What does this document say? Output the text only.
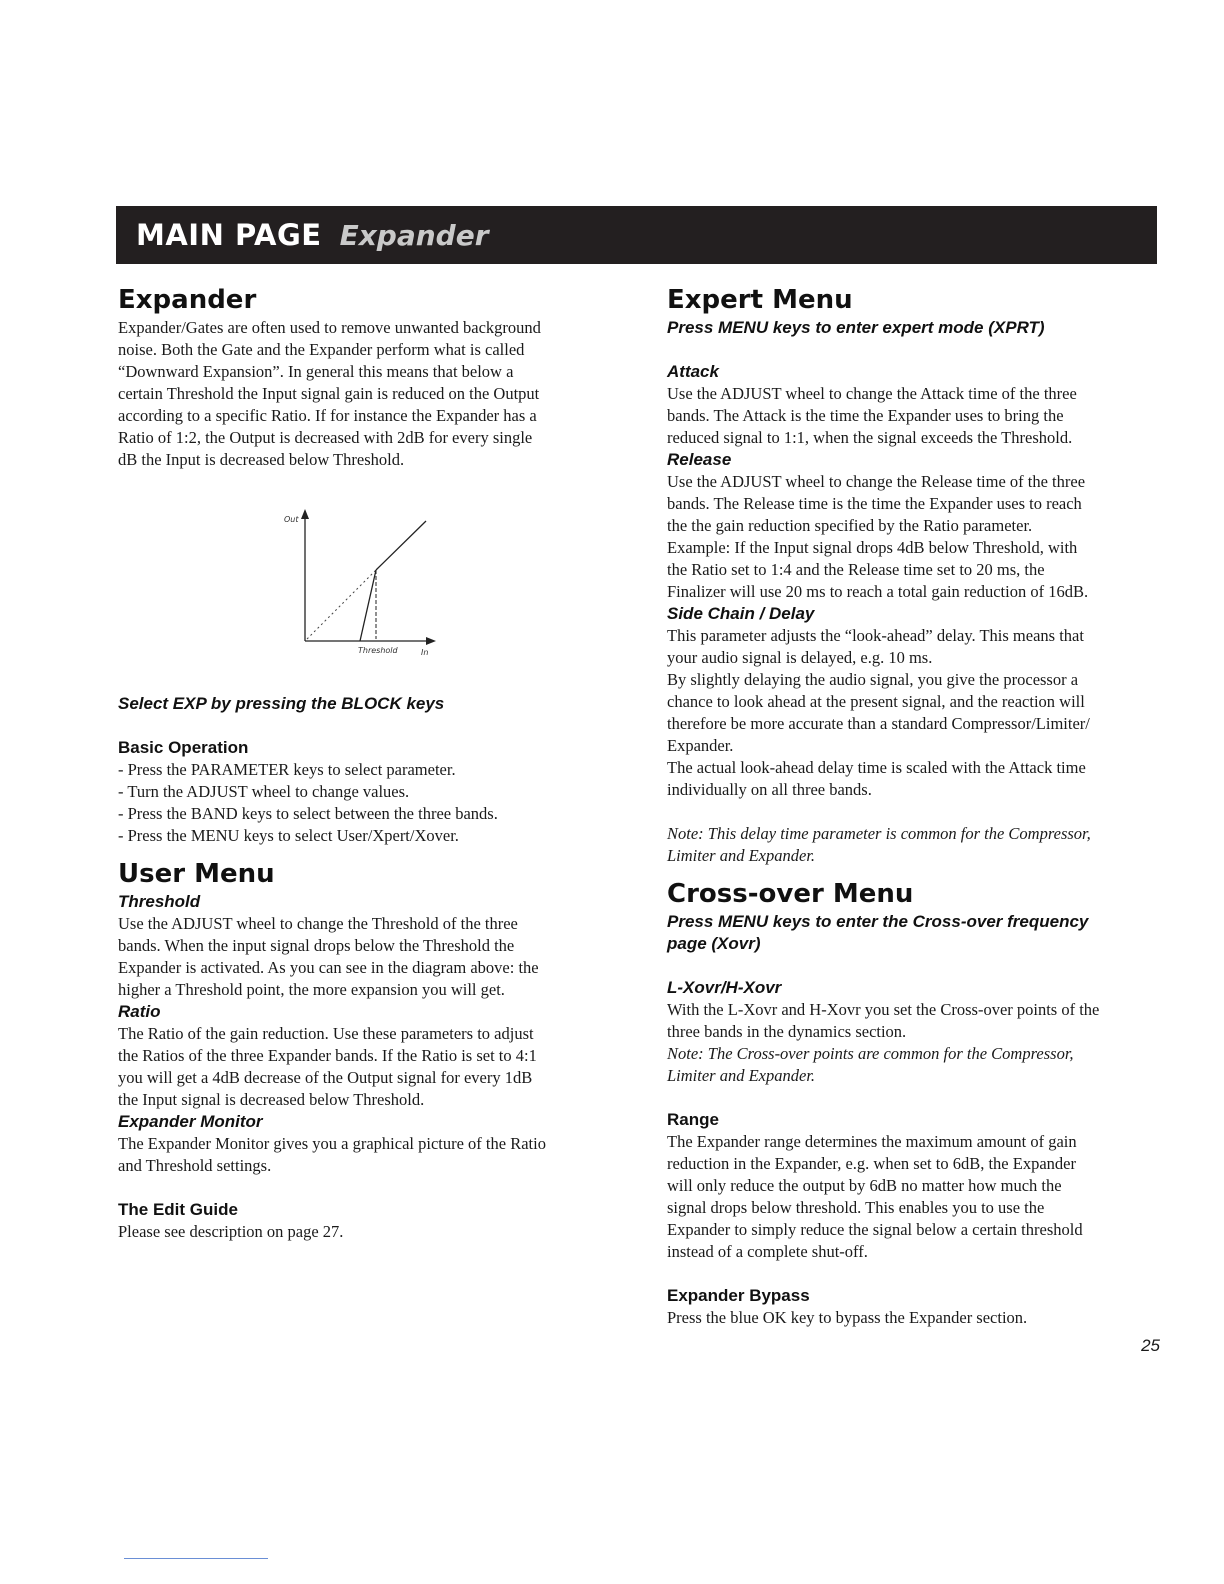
MAIN PAGE Expander
Expander

Expander/Gates are often used to remove unwanted background

noise. Both the Gate and the Expander perform what is called

“Downward Expansion”. In general this means that below a

certain Threshold the Input signal gain is reduced on the Output

according to a specific Ratio. If for instance the Expander has a

Ratio of 1:2, the Output is decreased with 2dB for every single

dB the Input is decreased below Threshold.

Out
Threshold	In

Select EXP by pressing the BLOCK keys

Basic Operation

- Press the PARAMETER keys to select parameter.

- Turn the ADJUST wheel to change values.

- Press the BAND keys to select between the three bands.

- Press the MENU keys to select User/Xpert/Xover.

User Menu

Threshold

Use the ADJUST wheel to change the Threshold of the three

bands. When the input signal drops below the Threshold the

Expander is activated. As you can see in the diagram above: the

higher a Threshold point, the more expansion you will get.

Ratio

The Ratio of the gain reduction. Use these parameters to adjust

the Ratios of the three Expander bands. If the Ratio is set to 4:1

you will get a 4dB decrease of the Output signal for every 1dB

the Input signal is decreased below Threshold.

Expander Monitor

The Expander Monitor gives you a graphical picture of the Ratio

and Threshold settings.

The Edit Guide

Please see description on page 27.

Expert Menu

Press MENU keys to enter expert mode (XPRT)

Attack

Use the ADJUST wheel to change the Attack time of the three

bands. The Attack is the time the Expander uses to bring the

reduced signal to 1:1, when the signal exceeds the Threshold.

Release

Use the ADJUST wheel to change the Release time of the three

bands. The Release time is the time the Expander uses to reach

the the gain reduction specified by the Ratio parameter.

Example: If the Input signal drops 4dB below Threshold, with

the Ratio set to 1:4 and the Release time set to 20 ms, the

Finalizer will use 20 ms to reach a total gain reduction of 16dB.

Side Chain / Delay

This parameter adjusts the “look-ahead” delay. This means that

your audio signal is delayed, e.g. 10 ms.

By slightly delaying the audio signal, you give the processor a

chance to look ahead at the present signal, and the reaction will

therefore be more accurate than a standard Compressor/Limiter/

Expander.

The actual look-ahead delay time is scaled with the Attack time

individually on all three bands.

Note: This delay time parameter is common for the Compressor,

Limiter and Expander.

Cross-over Menu

Press MENU keys to enter the Cross-over frequency

page (Xovr)

L-Xovr/H-Xovr

With the L-Xovr and H-Xovr you set the Cross-over points of the

three bands in the dynamics section.

Note: The Cross-over points are common for the Compressor,

Limiter and Expander.

Range

The Expander range determines the maximum amount of gain

reduction in the Expander, e.g. when set to 6dB, the Expander

will only reduce the output by 6dB no matter how much the

signal drops below threshold. This enables you to use the

Expander to simply reduce the signal below a certain threshold

instead of a complete shut-off.

Expander Bypass

Press the blue OK key to bypass the Expander section.

25
